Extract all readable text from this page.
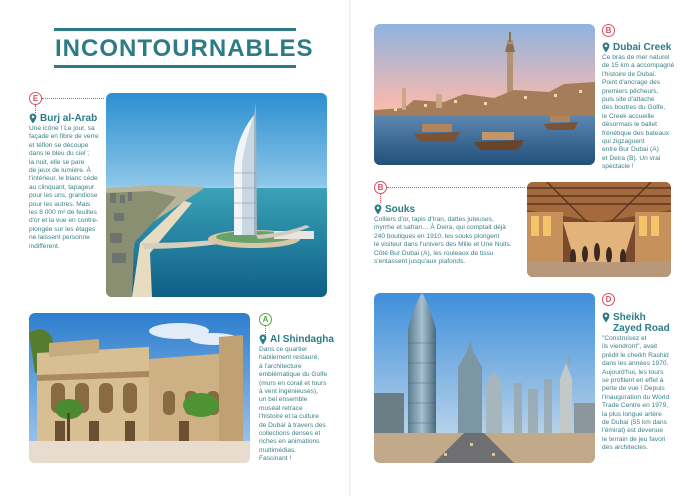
INCONTOURNABLES
E
Burj al-Arab

Une icône ! Le jour, sa
façade en fibre de verre
et téflon se découpe
dans le bleu du ciel ;
la nuit, elle se pare
de jeux de lumière. À
l'intérieur, le blanc cède
au clinquant, tapageur
pour les uns, grandiose
pour les autres. Mais
les 8 000 m² de feuilles
d'or et la vue en contre-
plongée sur les étages
ne laissent personne
indifférent.

A
Al Shindagha

Dans ce quartier
habilement restauré,
à l'architecture
emblématique du Golfe
(murs en corail et tours
à vent ingénieuses),
un bel ensemble
muséal retrace
l'histoire et la culture
de Dubaï à travers des
collections denses et
riches en animations
multimédias.
Fascinant !

B
Dubai Creek

Ce bras de mer naturel
de 15 km a accompagné
l'histoire de Dubaï.
Point d'ancrage des
premiers pêcheurs,
puis site d'attache
des boutres du Golfe,
le Creek accueille
désormais le ballet
frénétique des bateaux
qui zigzaguent
entre Bur Dubai (A)
et Deira (B). Un vrai
spectacle !

B
Souks

Colliers d'or, tapis d'Iran, dattes juteuses,
myrrhe et safran… À Deira, qui comptait déjà
240 boutiques en 1910, les souks plongent
le visiteur dans l'univers des Mille et Une Nuits.
Côté Bur Dubai (A), les rouleaux de tissu
s'entassent jusqu'aux plafonds.

D
Sheikh
Zayed Road

"Construisez et
ils viendront", avait
prédit le cheikh Rashid
dans les années 1970.
Aujourd'hui, les tours
se profilent en effet à
perte de vue ! Depuis
l'inauguration du World
Trade Centre en 1979,
la plus longue artère
de Dubaï (55 km dans
l'émirat) est devenue
le terrain de jeu favori
des architectes.
